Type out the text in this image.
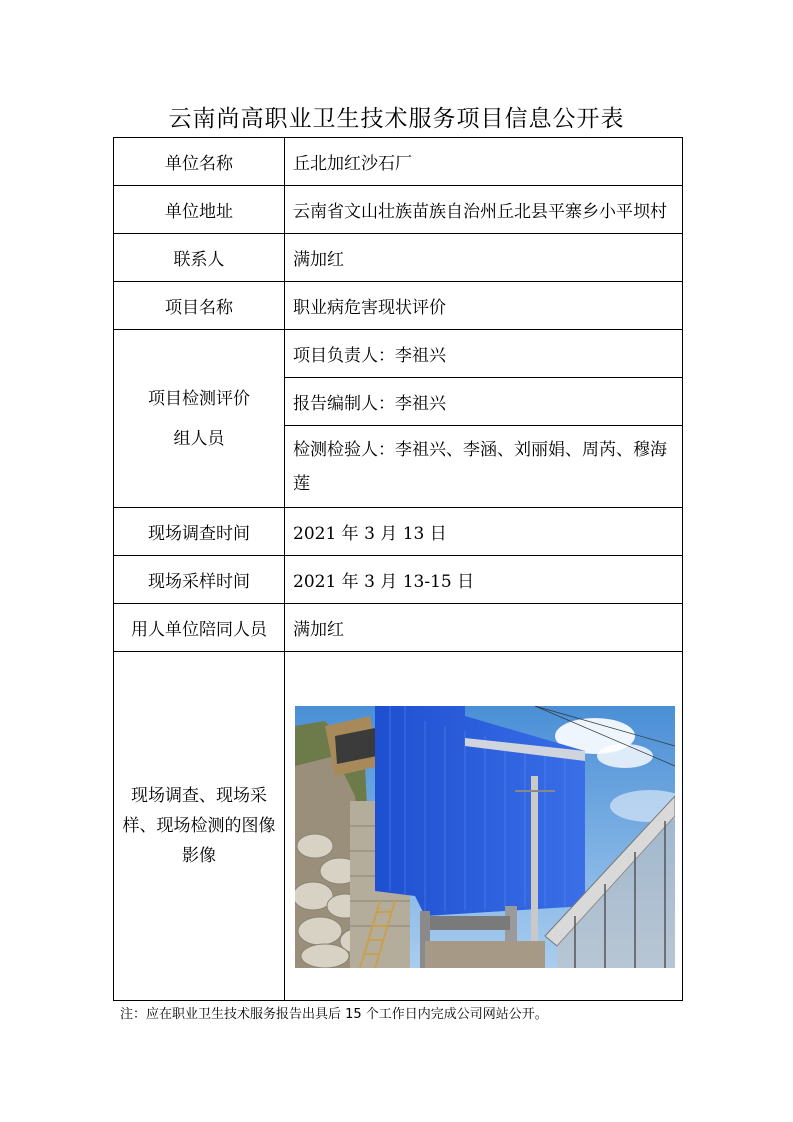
云南尚高职业卫生技术服务项目信息公开表
单位名称	丘北加红沙石厂
单位地址	云南省文山壮族苗族自治州丘北县平寨乡小平坝村
联系人	满加红
项目名称	职业病危害现状评价

项目检测评价
组人员	项目负责人：李祖兴
	报告编制人：李祖兴
	检测检验人：李祖兴、李涵、刘丽娟、周芮、穆海莲
现场调查时间	2021 年 3 月 13 日
现场采样时间	2021 年 3 月 13-15 日
用人单位陪同人员	满加红
现场调查、现场采样、现场检测的图像影像	
注：应在职业卫生技术服务报告出具后 15 个工作日内完成公司网站公开。
